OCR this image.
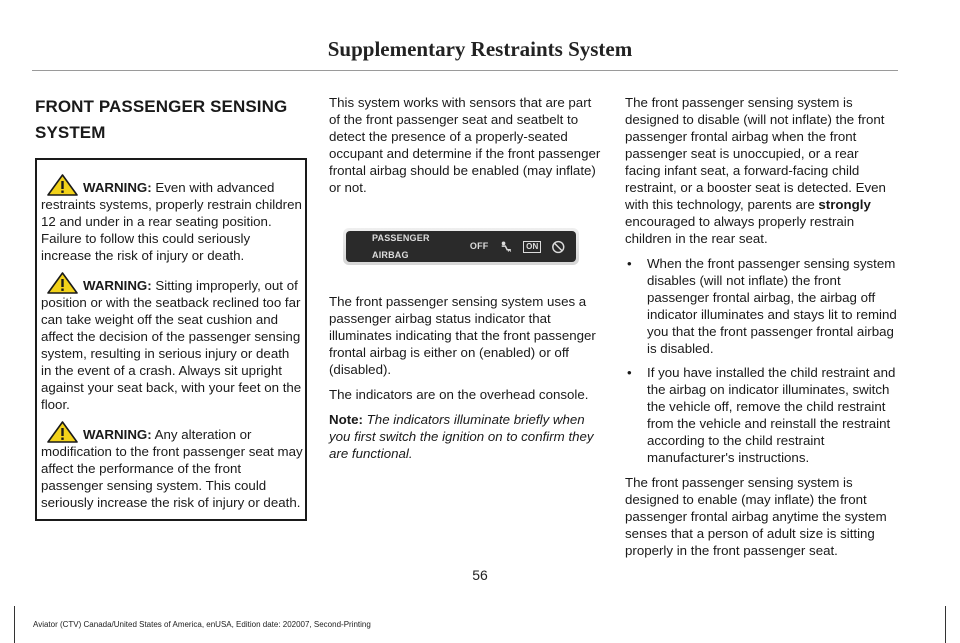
Supplementary Restraints System
FRONT PASSENGER SENSING SYSTEM

WARNING: Even with advanced restraints systems, properly restrain children 12 and under in a rear seating position. Failure to follow this could seriously increase the risk of injury or death.

WARNING: Sitting improperly, out of position or with the seatback reclined too far can take weight off the seat cushion and affect the decision of the passenger sensing system, resulting in serious injury or death in the event of a crash. Always sit upright against your seat back, with your feet on the floor.

WARNING: Any alteration or modification to the front passenger seat may affect the performance of the front passenger sensing system. This could seriously increase the risk of injury or death.

This system works with sensors that are part of the front passenger seat and seatbelt to detect the presence of a properly-seated occupant and determine if the front passenger frontal airbag should be enabled (may inflate) or not.

PASSENGER AIRBAG
OFF	ON

The front passenger sensing system uses a passenger airbag status indicator that illuminates indicating that the front passenger frontal airbag is either on (enabled) or off (disabled).

The indicators are on the overhead console.

Note: The indicators illuminate briefly when you first switch the ignition on to confirm they are functional.

The front passenger sensing system is designed to disable (will not inflate) the front passenger frontal airbag when the front passenger seat is unoccupied, or a rear facing infant seat, a forward-facing child restraint, or a booster seat is detected. Even with this technology, parents are strongly encouraged to always properly restrain children in the rear seat.

• When the front passenger sensing system disables (will not inflate) the front passenger frontal airbag, the airbag off indicator illuminates and stays lit to remind you that the front passenger frontal airbag is disabled.
• If you have installed the child restraint and the airbag on indicator illuminates, switch the vehicle off, remove the child restraint from the vehicle and reinstall the restraint according to the child restraint manufacturer's instructions.

The front passenger sensing system is designed to enable (may inflate) the front passenger frontal airbag anytime the system senses that a person of adult size is sitting properly in the front passenger seat.

56
Aviator (CTV) Canada/United States of America, enUSA, Edition date: 202007, Second-Printing
